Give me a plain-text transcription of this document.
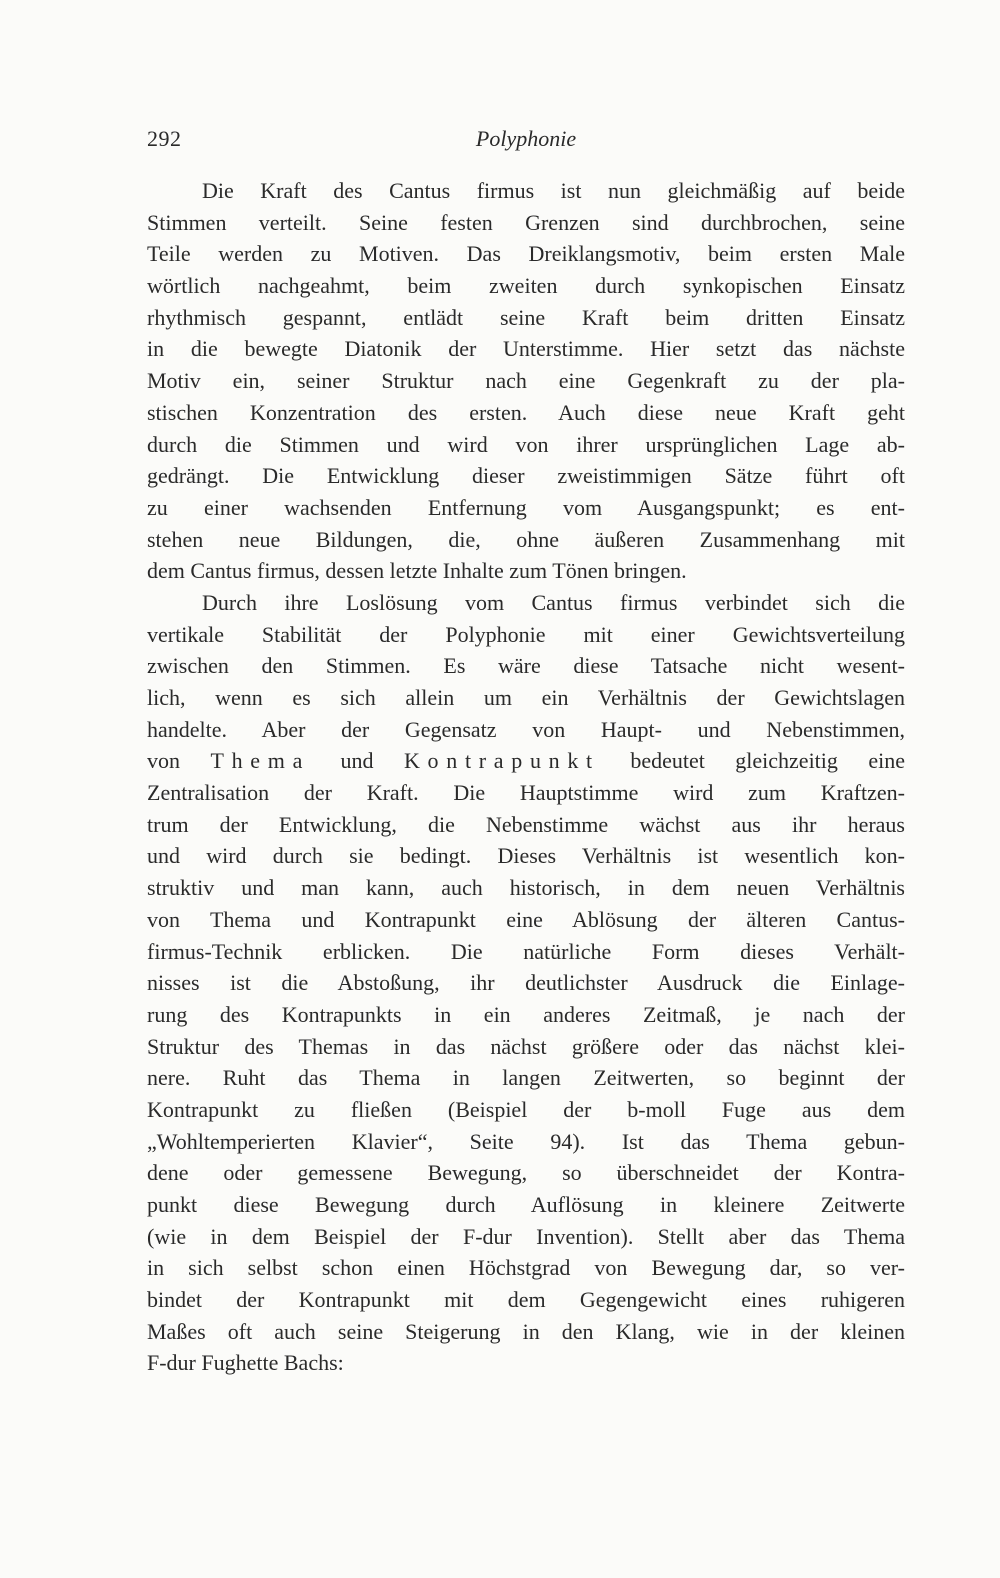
292	Polyphonie
Die Kraft des Cantus firmus ist nun gleichmäßig auf beide
Stimmen verteilt. Seine festen Grenzen sind durchbrochen, seine
Teile werden zu Motiven. Das Dreiklangsmotiv, beim ersten Male
wörtlich nachgeahmt, beim zweiten durch synkopischen Einsatz
rhythmisch gespannt, entlädt seine Kraft beim dritten Einsatz
in die bewegte Diatonik der Unterstimme. Hier setzt das nächste
Motiv ein, seiner Struktur nach eine Gegenkraft zu der pla-
stischen Konzentration des ersten. Auch diese neue Kraft geht
durch die Stimmen und wird von ihrer ursprünglichen Lage ab-
gedrängt. Die Entwicklung dieser zweistimmigen Sätze führt oft
zu einer wachsenden Entfernung vom Ausgangspunkt; es ent-
stehen neue Bildungen, die, ohne äußeren Zusammenhang mit
dem Cantus firmus, dessen letzte Inhalte zum Tönen bringen.
Durch ihre Loslösung vom Cantus firmus verbindet sich die
vertikale Stabilität der Polyphonie mit einer Gewichtsverteilung
zwischen den Stimmen. Es wäre diese Tatsache nicht wesent-
lich, wenn es sich allein um ein Verhältnis der Gewichtslagen
handelte. Aber der Gegensatz von Haupt- und Nebenstimmen,
von Thema und Kontrapunkt bedeutet gleichzeitig eine
Zentralisation der Kraft. Die Hauptstimme wird zum Kraftzen-
trum der Entwicklung, die Nebenstimme wächst aus ihr heraus
und wird durch sie bedingt. Dieses Verhältnis ist wesentlich kon-
struktiv und man kann, auch historisch, in dem neuen Verhältnis
von Thema und Kontrapunkt eine Ablösung der älteren Cantus-
firmus-Technik erblicken. Die natürliche Form dieses Verhält-
nisses ist die Abstoßung, ihr deutlichster Ausdruck die Einlage-
rung des Kontrapunkts in ein anderes Zeitmaß, je nach der
Struktur des Themas in das nächst größere oder das nächst klei-
nere. Ruht das Thema in langen Zeitwerten, so beginnt der
Kontrapunkt zu fließen (Beispiel der b-moll Fuge aus dem
„Wohltemperierten Klavier“, Seite 94). Ist das Thema gebun-
dene oder gemessene Bewegung, so überschneidet der Kontra-
punkt diese Bewegung durch Auflösung in kleinere Zeitwerte
(wie in dem Beispiel der F-dur Invention). Stellt aber das Thema
in sich selbst schon einen Höchstgrad von Bewegung dar, so ver-
bindet der Kontrapunkt mit dem Gegengewicht eines ruhigeren
Maßes oft auch seine Steigerung in den Klang, wie in der kleinen
F-dur Fughette Bachs:
